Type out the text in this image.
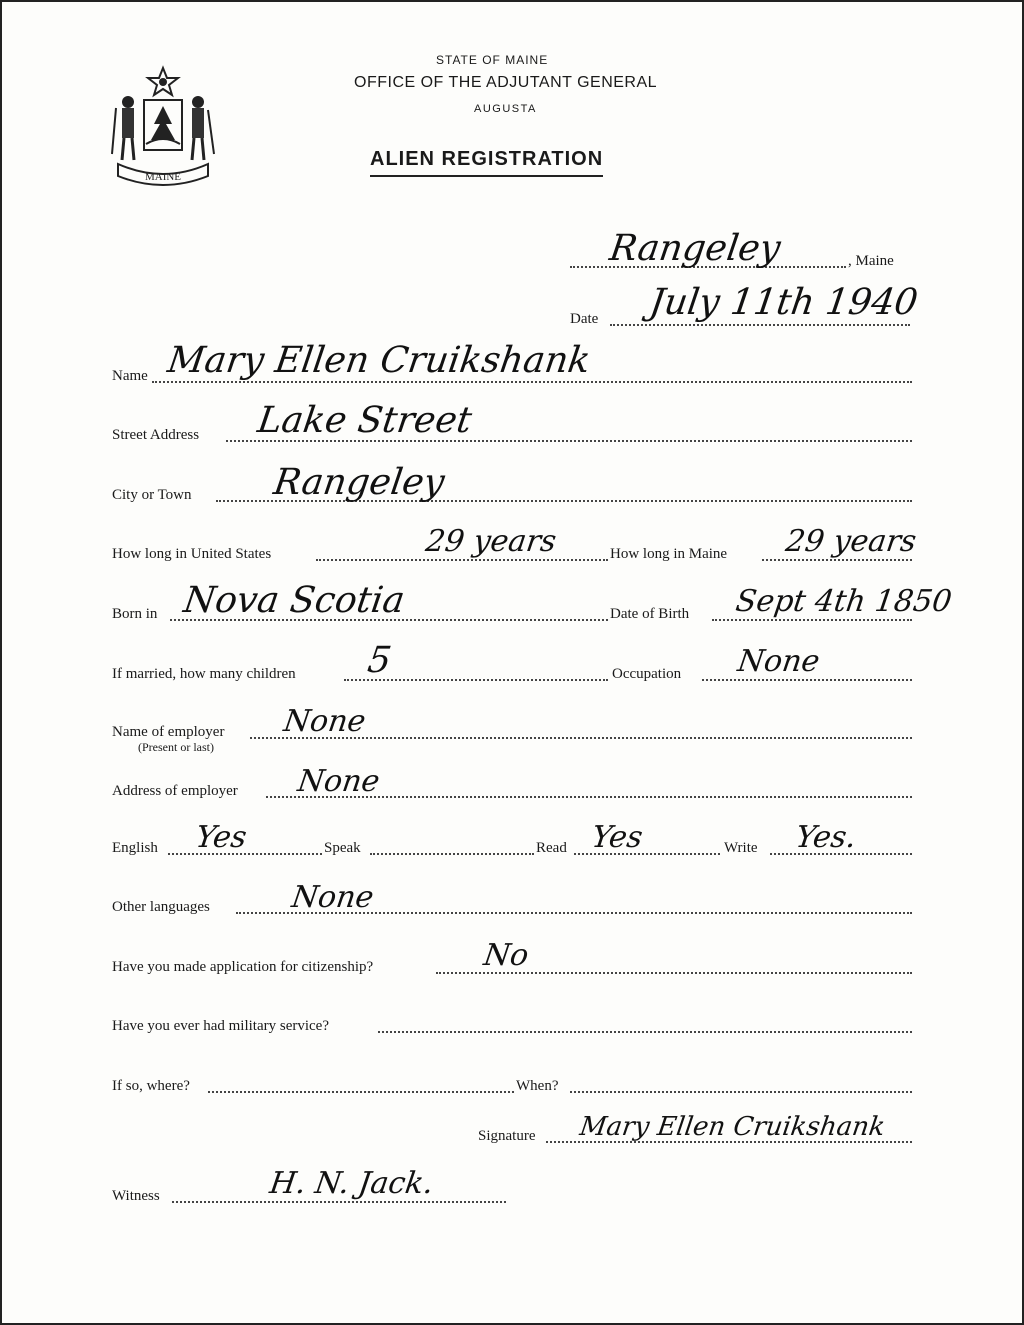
MAINE
STATE OF MAINE
OFFICE OF THE ADJUTANT GENERAL
AUGUSTA
ALIEN REGISTRATION
Rangeley	, Maine
Date July 11th 1940
Name Mary Ellen Cruikshank
Street Address Lake Street
City or Town Rangeley
How long in United States	29 years	How long in Maine 29 years
Born in Nova Scotia	Date of Birth Sept 4th 1850
If married, how many children 5	Occupation None
Name of employer
(Present or last)
None
Address of employer None
English Yes	Speak	Read Yes	Write Yes.
Other languages	None
Have you made application for citizenship?	No
Have you ever had military service?
If so, where?	When?
Signature Mary Ellen Cruikshank
Witness	H. N. Jack.
